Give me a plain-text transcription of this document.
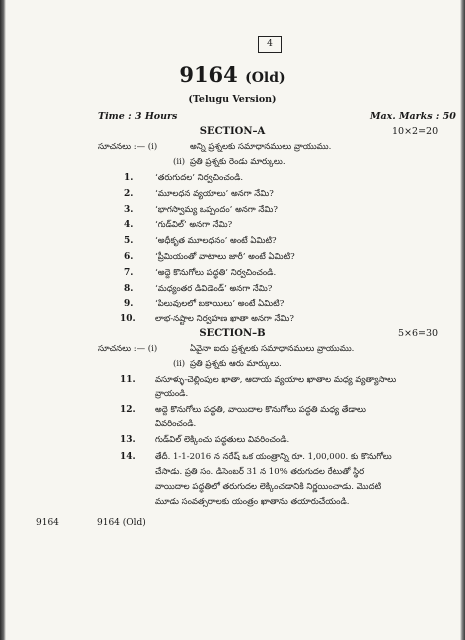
4
9164 (Old)
(Telugu Version)
Time : 3 Hours	Max. Marks : 50
SECTION–A	10×2=20
సూచనలు :— (i)	అన్ని ప్రశ్నలకు సమాధానములు వ్రాయుము.
(ii) ప్రతి ప్రశ్నకు రెండు మార్కులు.
1.	‘తరుగుదల’ నిర్వచించండి.
2.	‘మూలధన వ్యయాలు’ అనగా నేమి?
3.	‘భాగస్వామ్య ఒప్పందం’ అనగా నేమి?
4.	‘గుడ్‌విల్’ అనగా నేమి?
5.	‘అధీకృత మూలధనం’ అంటే ఏమిటి?
6.	‘ప్రీమియంతో వాటాలు జారీ’ అంటే ఏమిటి?
7.	‘అద్దె కొనుగోలు పద్ధతి’ నిర్వచించండి.
8.	‘మధ్యంతర డివిడెండ్’ అనగా నేమి?
9.	‘పిలువులలో బకాయిలు’ అంటే ఏమిటి?
10. లాభ-నష్టాల నిర్వహణ ఖాతా అనగా నేమి?
SECTION–B	5×6=30
సూచనలు :— (i)	ఏవైనా ఐదు ప్రశ్నలకు సమాధానములు వ్రాయుము.
(ii) ప్రతి ప్రశ్నకు ఆరు మార్కులు.
11. వసూళ్ళు-చెల్లింపుల ఖాతా, ఆదాయ వ్యయాల ఖాతాల మధ్య వ్యత్యాసాలు
వ్రాయండి.
12. అద్దె కొనుగోలు పద్ధతి, వాయిదాల కొనుగోలు పద్ధతి మధ్య తేడాలు
వివరించండి.
13. గుడ్‌విల్ లెక్కించు పద్ధతులు వివరించండి.
14. తేదీ. 1-1-2016 న నరేష్ ఒక యంత్రాన్ని రూ. 1,00,000. కు కొనుగోలు
చేసాడు. ప్రతి సం. డిసెంబర్ 31 న 10% తరుగుదల రేటుతో స్థిర
వాయిదాల పద్ధతిలో తరుగుదల లెక్కించడానికి నిర్ణయించాడు. మొదటి
మూడు సంవత్సరాలకు యంత్రం ఖాతాను తయారుచేయండి.
9164	9164 (Old)
